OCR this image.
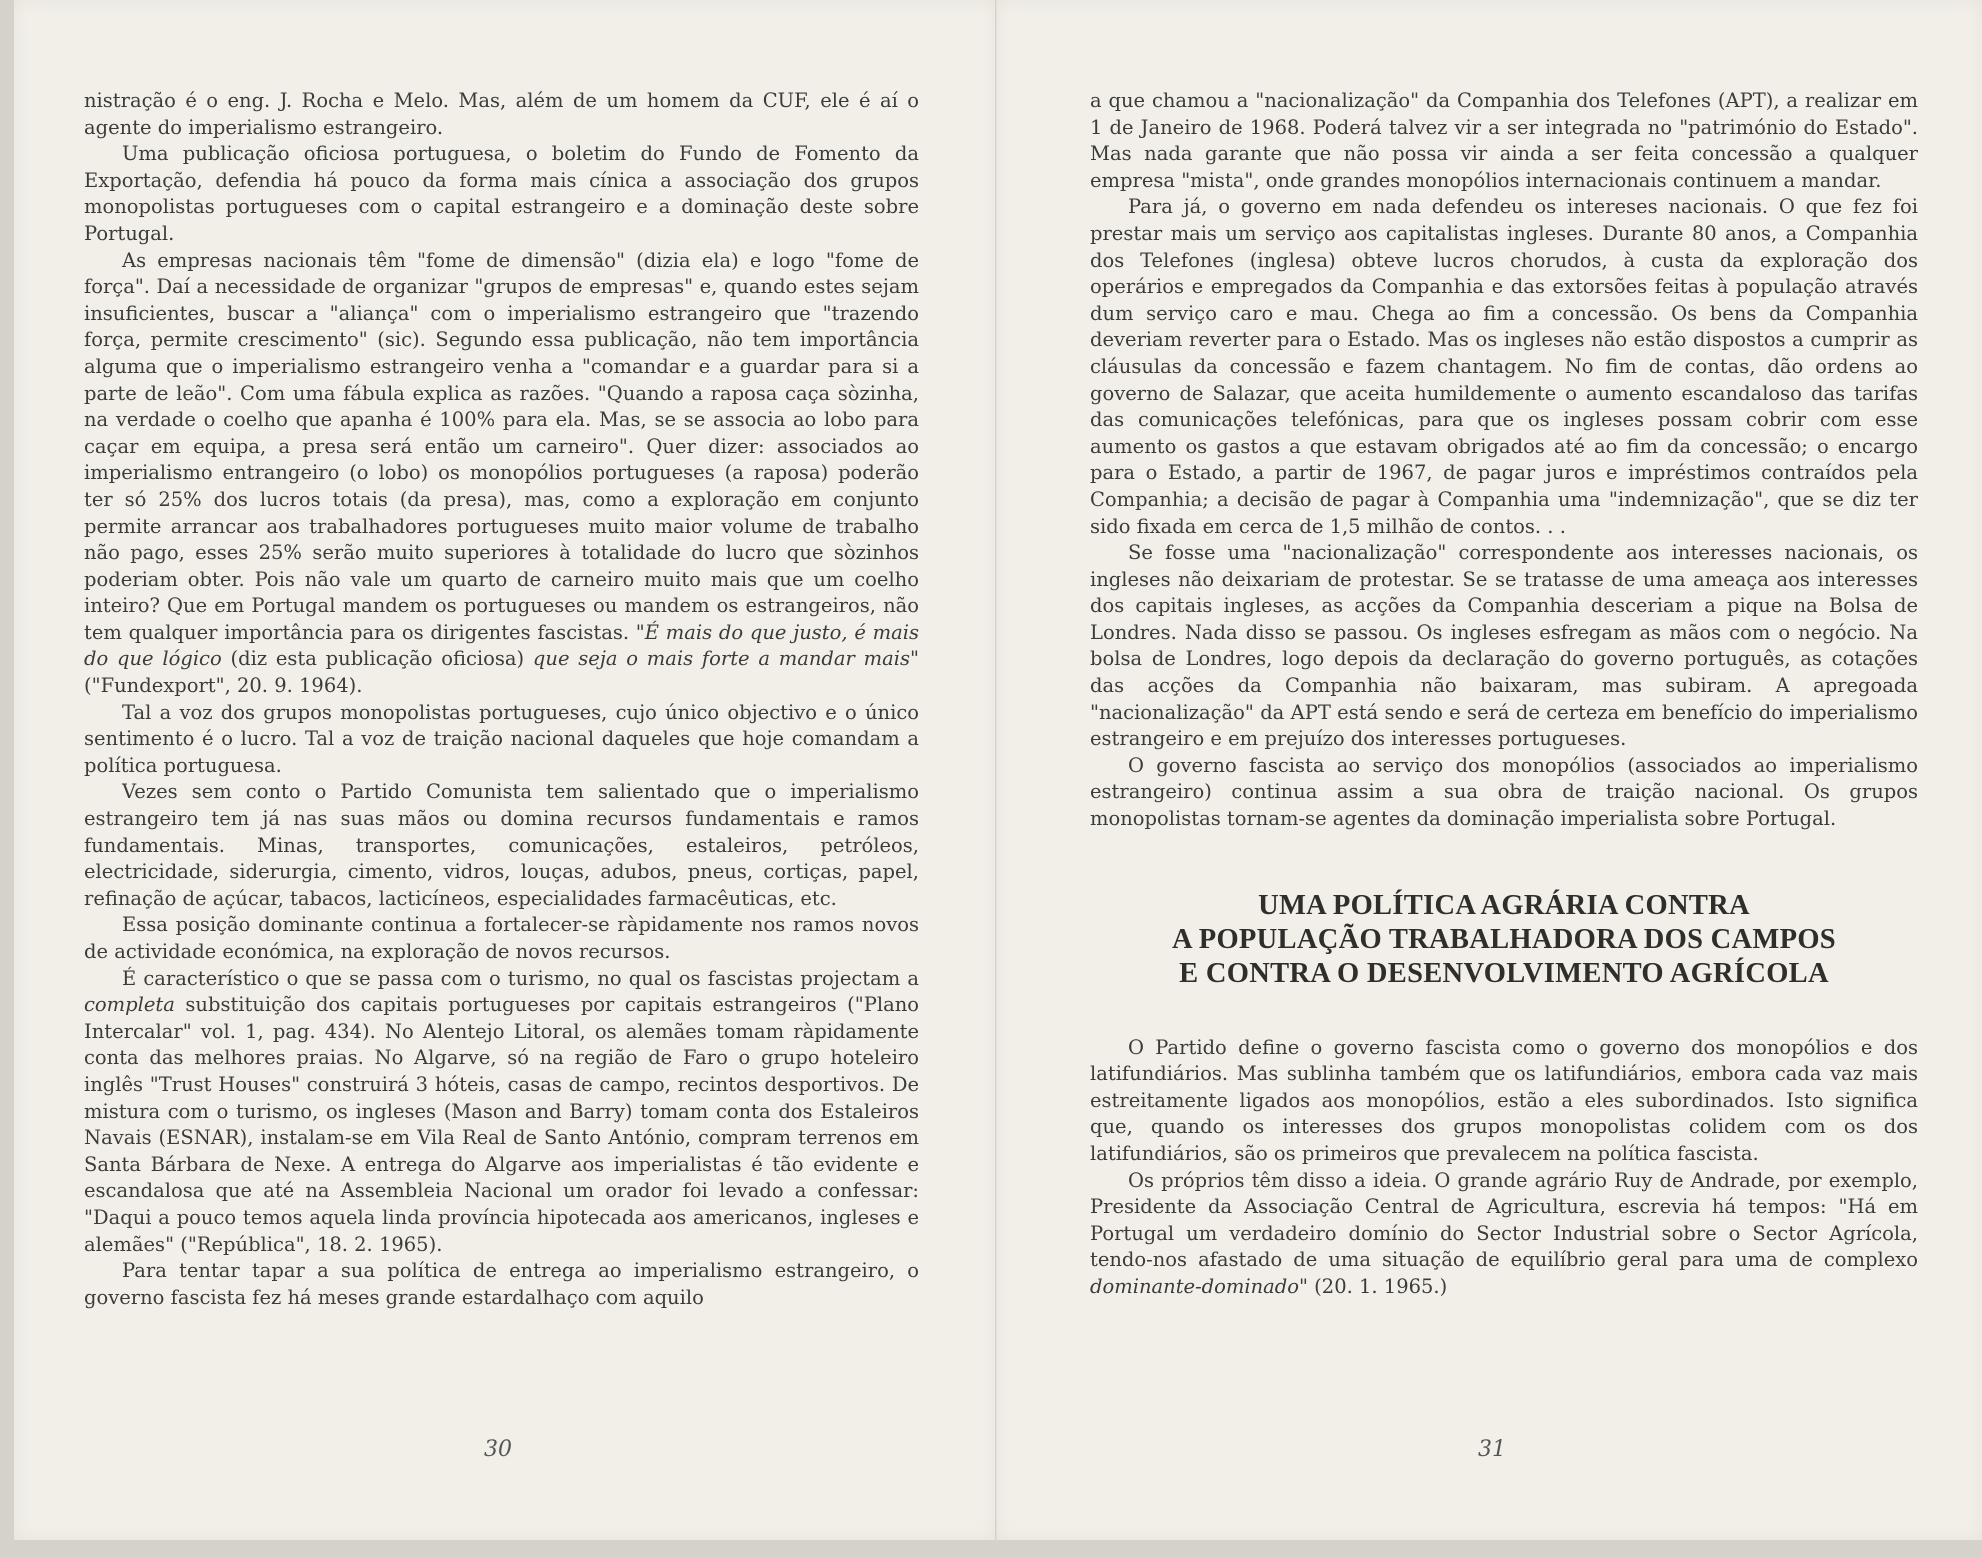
nistração é o eng. J. Rocha e Melo. Mas, além de um homem da CUF, ele é aí o agente do imperialismo estrangeiro.

Uma publicação oficiosa portuguesa, o boletim do Fundo de Fomento da Exportação, defendia há pouco da forma mais cínica a associação dos grupos monopolistas portugueses com o capital estrangeiro e a dominação deste sobre Portugal.

As empresas nacionais têm "fome de dimensão" (dizia ela) e logo "fome de força". Daí a necessidade de organizar "grupos de empresas" e, quando estes sejam insuficientes, buscar a "aliança" com o imperialismo estrangeiro que "trazendo força, permite crescimento" (sic). Segundo essa publicação, não tem importância alguma que o imperialismo estrangeiro venha a "comandar e a guardar para si a parte de leão". Com uma fábula explica as razões. "Quando a raposa caça sòzinha, na verdade o coelho que apanha é 100% para ela. Mas, se se associa ao lobo para caçar em equipa, a presa será então um carneiro". Quer dizer: associados ao imperialismo entrangeiro (o lobo) os monopólios portugueses (a raposa) poderão ter só 25% dos lucros totais (da presa), mas, como a exploração em conjunto permite arrancar aos trabalhadores portugueses muito maior volume de trabalho não pago, esses 25% serão muito superiores à totalidade do lucro que sòzinhos poderiam obter. Pois não vale um quarto de carneiro muito mais que um coelho inteiro? Que em Portugal mandem os portugueses ou mandem os estrangeiros, não tem qualquer importância para os dirigentes fascistas. "É mais do que justo, é mais do que lógico (diz esta publicação oficiosa) que seja o mais forte a mandar mais" ("Fundexport", 20. 9. 1964).

Tal a voz dos grupos monopolistas portugueses, cujo único objectivo e o único sentimento é o lucro. Tal a voz de traição nacional daqueles que hoje comandam a política portuguesa.

Vezes sem conto o Partido Comunista tem salientado que o imperialismo estrangeiro tem já nas suas mãos ou domina recursos fundamentais e ramos fundamentais. Minas, transportes, comunicações, estaleiros, petróleos, electricidade, siderurgia, cimento, vidros, louças, adubos, pneus, cortiças, papel, refinação de açúcar, tabacos, lacticíneos, especialidades farmacêuticas, etc.

Essa posição dominante continua a fortalecer-se ràpidamente nos ramos novos de actividade económica, na exploração de novos recursos.

É característico o que se passa com o turismo, no qual os fascistas projectam a completa substituição dos capitais portugueses por capitais estrangeiros ("Plano Intercalar" vol. 1, pag. 434). No Alentejo Litoral, os alemães tomam ràpidamente conta das melhores praias. No Algarve, só na região de Faro o grupo hoteleiro inglês "Trust Houses" construirá 3 hóteis, casas de campo, recintos desportivos. De mistura com o turismo, os ingleses (Mason and Barry) tomam conta dos Estaleiros Navais (ESNAR), instalam-se em Vila Real de Santo António, compram terrenos em Santa Bárbara de Nexe. A entrega do Algarve aos imperialistas é tão evidente e escandalosa que até na Assembleia Nacional um orador foi levado a confessar: "Daqui a pouco temos aquela linda província hipotecada aos americanos, ingleses e alemães" ("República", 18. 2. 1965).

Para tentar tapar a sua política de entrega ao imperialismo estrangeiro, o governo fascista fez há meses grande estardalhaço com aquilo

30

a que chamou a "nacionalização" da Companhia dos Telefones (APT), a realizar em 1 de Janeiro de 1968. Poderá talvez vir a ser integrada no "património do Estado". Mas nada garante que não possa vir ainda a ser feita concessão a qualquer empresa "mista", onde grandes monopólios internacionais continuem a mandar.

Para já, o governo em nada defendeu os intereses nacionais. O que fez foi prestar mais um serviço aos capitalistas ingleses. Durante 80 anos, a Companhia dos Telefones (inglesa) obteve lucros chorudos, à custa da exploração dos operários e empregados da Companhia e das extorsões feitas à população através dum serviço caro e mau. Chega ao fim a concessão. Os bens da Companhia deveriam reverter para o Estado. Mas os ingleses não estão dispostos a cumprir as cláusulas da concessão e fazem chantagem. No fim de contas, dão ordens ao governo de Salazar, que aceita humildemente o aumento escandaloso das tarifas das comunicações telefónicas, para que os ingleses possam cobrir com esse aumento os gastos a que estavam obrigados até ao fim da concessão; o encargo para o Estado, a partir de 1967, de pagar juros e impréstimos contraídos pela Companhia; a decisão de pagar à Companhia uma "indemnização", que se diz ter sido fixada em cerca de 1,5 milhão de contos. . .

Se fosse uma "nacionalização" correspondente aos interesses nacionais, os ingleses não deixariam de protestar. Se se tratasse de uma ameaça aos interesses dos capitais ingleses, as acções da Companhia desceriam a pique na Bolsa de Londres. Nada disso se passou. Os ingleses esfregam as mãos com o negócio. Na bolsa de Londres, logo depois da declaração do governo português, as cotações das acções da Companhia não baixaram, mas subiram. A apregoada "nacionalização" da APT está sendo e será de certeza em benefício do imperialismo estrangeiro e em prejuízo dos interesses portugueses.

O governo fascista ao serviço dos monopólios (associados ao imperialismo estrangeiro) continua assim a sua obra de traição nacional. Os grupos monopolistas tornam-se agentes da dominação imperialista sobre Portugal.

UMA POLÍTICA AGRÁRIA CONTRA
A POPULAÇÃO TRABALHADORA DOS CAMPOS
E CONTRA O DESENVOLVIMENTO AGRÍCOLA

O Partido define o governo fascista como o governo dos monopólios e dos latifundiários. Mas sublinha também que os latifundiários, embora cada vaz mais estreitamente ligados aos monopólios, estão a eles subordinados. Isto significa que, quando os interesses dos grupos monopolistas colidem com os dos latifundiários, são os primeiros que prevalecem na política fascista.

Os próprios têm disso a ideia. O grande agrário Ruy de Andrade, por exemplo, Presidente da Associação Central de Agricultura, escrevia há tempos: "Há em Portugal um verdadeiro domínio do Sector Industrial sobre o Sector Agrícola, tendo-nos afastado de uma situação de equilíbrio geral para uma de complexo dominante-dominado" (20. 1. 1965.)

31
